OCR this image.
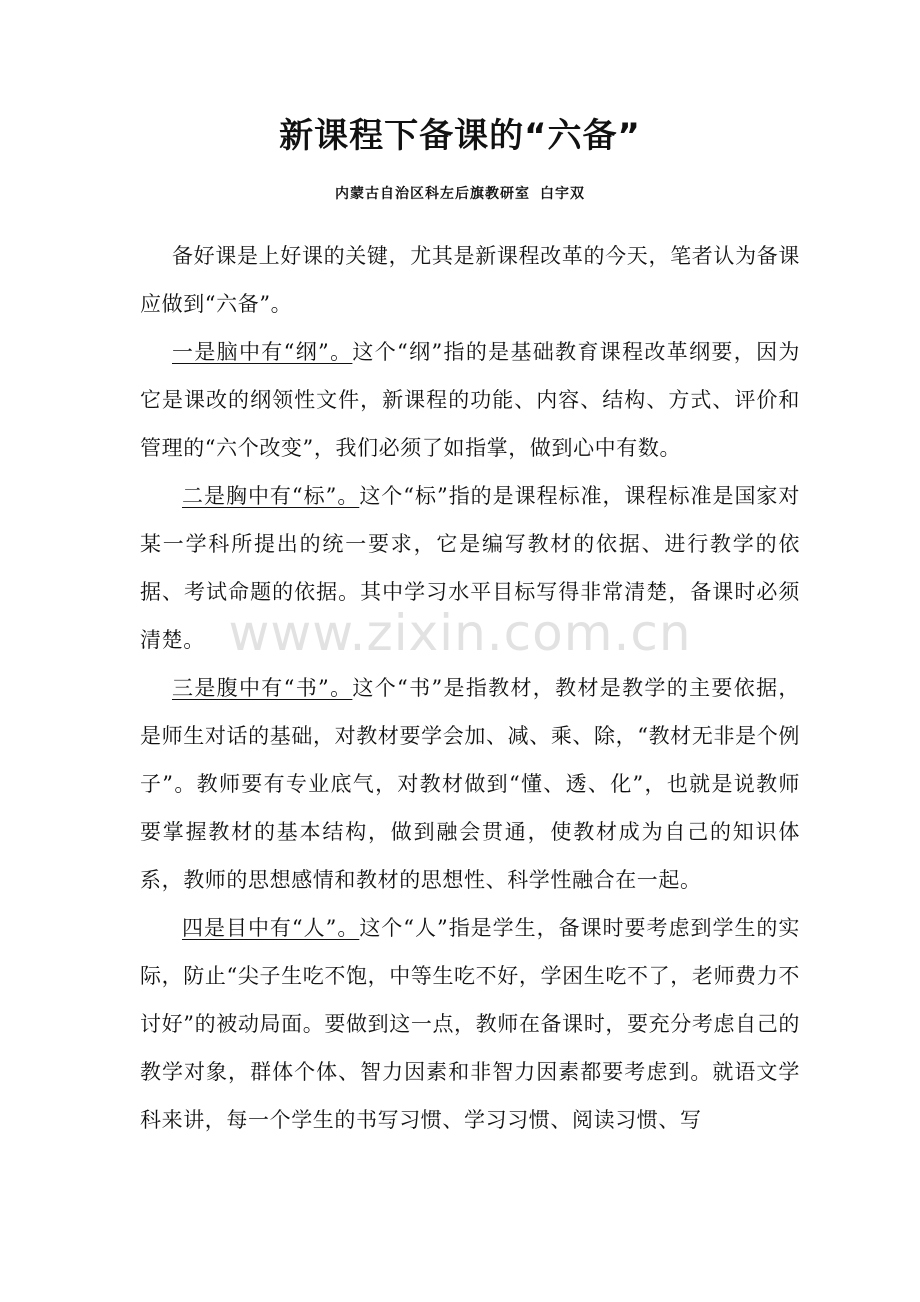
新课程下备课的“六备”
内蒙古自治区科左后旗教研室 白宇双

备好课是上好课的关键，尤其是新课程改革的今天，笔者认为备课应做到“六备”。

一是脑中有“纲”。这个“纲”指的是基础教育课程改革纲要，因为它是课改的纲领性文件，新课程的功能、内容、结构、方式、评价和管理的“六个改变”，我们必须了如指掌，做到心中有数。

二是胸中有“标”。这个“标”指的是课程标准，课程标准是国家对某一学科所提出的统一要求，它是编写教材的依据、进行教学的依据、考试命题的依据。其中学习水平目标写得非常清楚，备课时必须清楚。

三是腹中有“书”。这个“书”是指教材，教材是教学的主要依据，是师生对话的基础，对教材要学会加、减、乘、除，“教材无非是个例子”。教师要有专业底气，对教材做到“懂、透、化”，也就是说教师要掌握教材的基本结构，做到融会贯通，使教材成为自己的知识体系，教师的思想感情和教材的思想性、科学性融合在一起。

四是目中有“人”。这个“人”指是学生，备课时要考虑到学生的实际，防止“尖子生吃不饱，中等生吃不好，学困生吃不了，老师费力不讨好”的被动局面。要做到这一点，教师在备课时，要充分考虑自己的教学对象，群体个体、智力因素和非智力因素都要考虑到。就语文学科来讲，每一个学生的书写习惯、学习习惯、阅读习惯、写

www.zixin.com.cn
